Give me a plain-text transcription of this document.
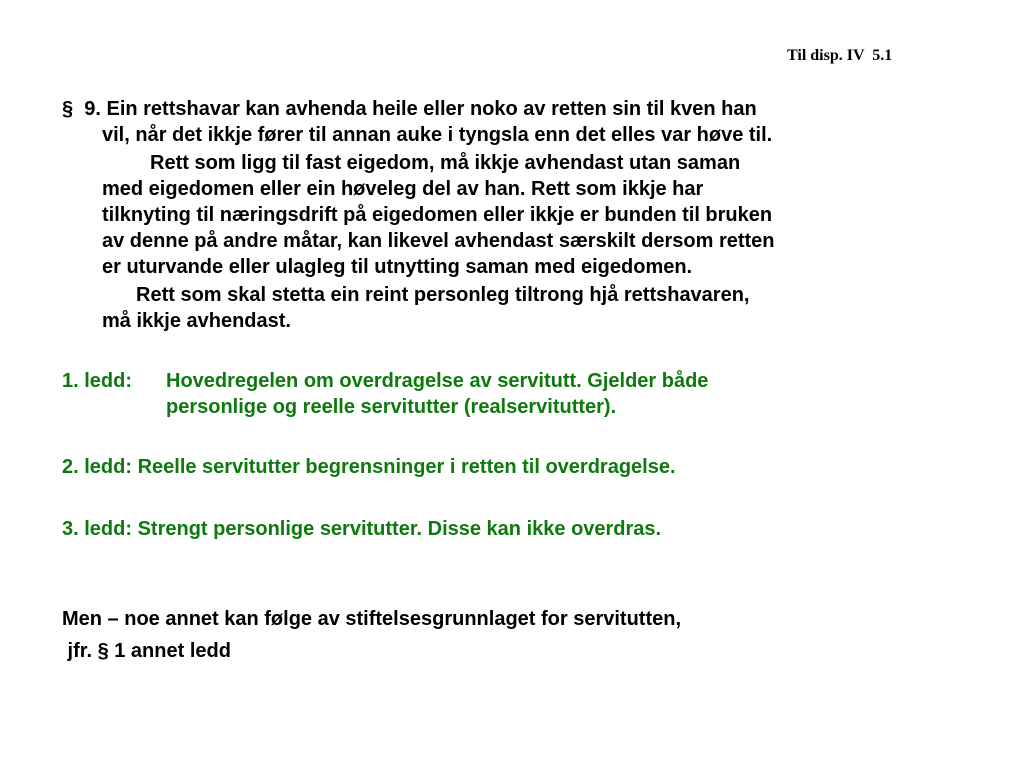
Til disp. IV  5.1
§  9. Ein rettshavar kan avhenda heile eller noko av retten sin til kven han
vil, når det ikkje fører til annan auke i tyngsla enn det elles var høve til.
Rett som ligg til fast eigedom, må ikkje avhendast utan saman
med eigedomen eller ein høveleg del av han. Rett som ikkje har
tilknyting til næringsdrift på eigedomen eller ikkje er bunden til bruken
av denne på andre måtar, kan likevel avhendast særskilt dersom retten
er uturvande eller ulagleg til utnytting saman med eigedomen.
Rett som skal stetta ein reint personleg tiltrong hjå rettshavaren,
må ikkje avhendast.
1. ledd: Hovedregelen om overdragelse av servitutt. Gjelder både
personlige og reelle servitutter (realservitutter).
2. ledd: Reelle servitutter begrensninger i retten til overdragelse.
3. ledd: Strengt personlige servitutter. Disse kan ikke overdras.
Men – noe annet kan følge av stiftelsesgrunnlaget for servitutten,
jfr. § 1 annet ledd
